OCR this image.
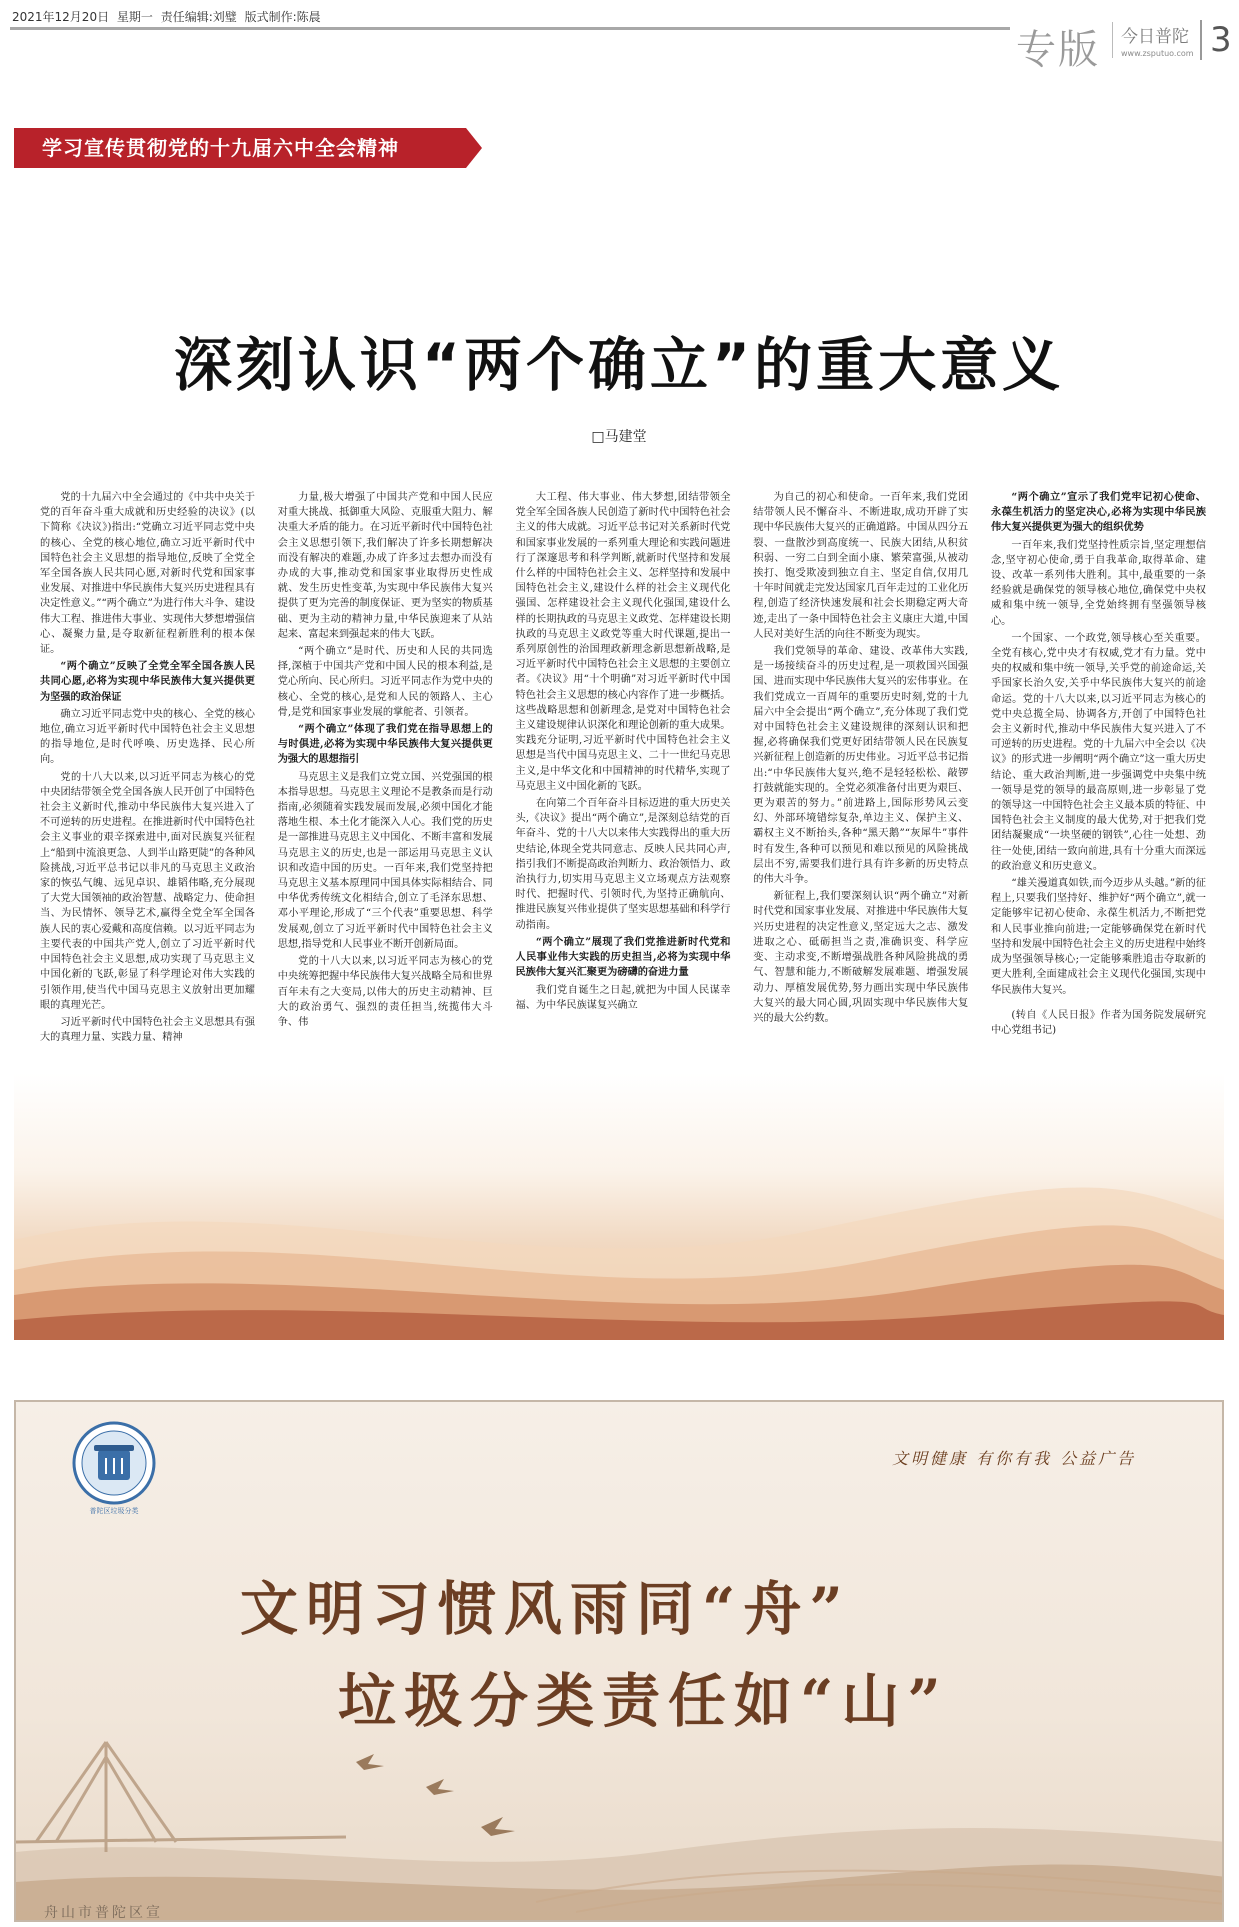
2021年12月20日 星期一 责任编辑:刘璧 版式制作:陈晨
专版 今日普陀
www.zsputuo.com 3
学习宣传贯彻党的十九届六中全会精神
深刻认识“两个确立”的重大意义
□马建堂

党的十九届六中全会通过的《中共中央关于党的百年奋斗重大成就和历史经验的决议》(以下简称《决议》)指出:“党确立习近平同志党中央的核心、全党的核心地位,确立习近平新时代中国特色社会主义思想的指导地位,反映了全党全军全国各族人民共同心愿,对新时代党和国家事业发展、对推进中华民族伟大复兴历史进程具有决定性意义。”“两个确立”为进行伟大斗争、建设伟大工程、推进伟大事业、实现伟大梦想增强信心、凝聚力量,是夺取新征程新胜利的根本保证。

“两个确立”反映了全党全军全国各族人民共同心愿,必将为实现中华民族伟大复兴提供更为坚强的政治保证

确立习近平同志党中央的核心、全党的核心地位,确立习近平新时代中国特色社会主义思想的指导地位,是时代呼唤、历史选择、民心所向。

党的十八大以来,以习近平同志为核心的党中央团结带领全党全国各族人民开创了中国特色社会主义新时代,推动中华民族伟大复兴进入了不可逆转的历史进程。在推进新时代中国特色社会主义事业的艰辛探索进中,面对民族复兴征程上“船到中流浪更急、人到半山路更陡”的各种风险挑战,习近平总书记以非凡的马克思主义政治家的恢弘气魄、远见卓识、雄韬伟略,充分展现了大党大国领袖的政治智慧、战略定力、使命担当、为民情怀、领导艺术,赢得全党全军全国各族人民的衷心爱戴和高度信赖。以习近平同志为主要代表的中国共产党人,创立了习近平新时代中国特色社会主义思想,成功实现了马克思主义中国化新的飞跃,彰显了科学理论对伟大实践的引领作用,使当代中国马克思主义放射出更加耀眼的真理光芒。

习近平新时代中国特色社会主义思想具有强大的真理力量、实践力量、精神

力量,极大增强了中国共产党和中国人民应对重大挑战、抵御重大风险、克服重大阻力、解决重大矛盾的能力。在习近平新时代中国特色社会主义思想引领下,我们解决了许多长期想解决而没有解决的难题,办成了许多过去想办而没有办成的大事,推动党和国家事业取得历史性成就、发生历史性变革,为实现中华民族伟大复兴提供了更为完善的制度保证、更为坚实的物质基础、更为主动的精神力量,中华民族迎来了从站起来、富起来到强起来的伟大飞跃。

“两个确立”是时代、历史和人民的共同选择,深植于中国共产党和中国人民的根本利益,是党心所向、民心所归。习近平同志作为党中央的核心、全党的核心,是党和人民的领路人、主心骨,是党和国家事业发展的掌舵者、引领者。

“两个确立”体现了我们党在指导思想上的与时俱进,必将为实现中华民族伟大复兴提供更为强大的思想指引

马克思主义是我们立党立国、兴党强国的根本指导思想。马克思主义理论不是教条而是行动指南,必须随着实践发展而发展,必须中国化才能落地生根、本土化才能深入人心。我们党的历史是一部推进马克思主义中国化、不断丰富和发展马克思主义的历史,也是一部运用马克思主义认识和改造中国的历史。一百年来,我们党坚持把马克思主义基本原理同中国具体实际相结合、同中华优秀传统文化相结合,创立了毛泽东思想、邓小平理论,形成了“三个代表”重要思想、科学发展观,创立了习近平新时代中国特色社会主义思想,指导党和人民事业不断开创新局面。

党的十八大以来,以习近平同志为核心的党中央统筹把握中华民族伟大复兴战略全局和世界百年未有之大变局,以伟大的历史主动精神、巨大的政治勇气、强烈的责任担当,统揽伟大斗争、伟

大工程、伟大事业、伟大梦想,团结带领全党全军全国各族人民创造了新时代中国特色社会主义的伟大成就。习近平总书记对关系新时代党和国家事业发展的一系列重大理论和实践问题进行了深邃思考和科学判断,就新时代坚持和发展什么样的中国特色社会主义、怎样坚持和发展中国特色社会主义,建设什么样的社会主义现代化强国、怎样建设社会主义现代化强国,建设什么样的长期执政的马克思主义政党、怎样建设长期执政的马克思主义政党等重大时代课题,提出一系列原创性的治国理政新理念新思想新战略,是习近平新时代中国特色社会主义思想的主要创立者。《决议》用“十个明确”对习近平新时代中国特色社会主义思想的核心内容作了进一步概括。这些战略思想和创新理念,是党对中国特色社会主义建设规律认识深化和理论创新的重大成果。实践充分证明,习近平新时代中国特色社会主义思想是当代中国马克思主义、二十一世纪马克思主义,是中华文化和中国精神的时代精华,实现了马克思主义中国化新的飞跃。

在向第二个百年奋斗目标迈进的重大历史关头,《决议》提出“两个确立”,是深刻总结党的百年奋斗、党的十八大以来伟大实践得出的重大历史结论,体现全党共同意志、反映人民共同心声,指引我们不断提高政治判断力、政治领悟力、政治执行力,切实用马克思主义立场观点方法观察时代、把握时代、引领时代,为坚持正确航向、推进民族复兴伟业提供了坚实思想基础和科学行动指南。

“两个确立”展现了我们党推进新时代党和人民事业伟大实践的历史担当,必将为实现中华民族伟大复兴汇聚更为磅礴的奋进力量

我们党自诞生之日起,就把为中国人民谋幸福、为中华民族谋复兴确立

为自己的初心和使命。一百年来,我们党团结带领人民不懈奋斗、不断进取,成功开辟了实现中华民族伟大复兴的正确道路。中国从四分五裂、一盘散沙到高度统一、民族大团结,从积贫积弱、一穷二白到全面小康、繁荣富强,从被动挨打、饱受欺凌到独立自主、坚定自信,仅用几十年时间就走完发达国家几百年走过的工业化历程,创造了经济快速发展和社会长期稳定两大奇迹,走出了一条中国特色社会主义康庄大道,中国人民对美好生活的向往不断变为现实。

我们党领导的革命、建设、改革伟大实践,是一场接续奋斗的历史过程,是一项救国兴国强国、进而实现中华民族伟大复兴的宏伟事业。在我们党成立一百周年的重要历史时刻,党的十九届六中全会提出“两个确立”,充分体现了我们党对中国特色社会主义建设规律的深刻认识和把握,必将确保我们党更好团结带领人民在民族复兴新征程上创造新的历史伟业。习近平总书记指出:“中华民族伟大复兴,绝不是轻轻松松、敲锣打鼓就能实现的。全党必须准备付出更为艰巨、更为艰苦的努力。”前进路上,国际形势风云变幻、外部环境错综复杂,单边主义、保护主义、霸权主义不断抬头,各种“黑天鹅”“灰犀牛”事件时有发生,各种可以预见和难以预见的风险挑战层出不穷,需要我们进行具有许多新的历史特点的伟大斗争。

新征程上,我们要深刻认识“两个确立”对新时代党和国家事业发展、对推进中华民族伟大复兴历史进程的决定性意义,坚定远大之志、激发进取之心、砥砺担当之责,准确识变、科学应变、主动求变,不断增强战胜各种风险挑战的勇气、智慧和能力,不断破解发展难题、增强发展动力、厚植发展优势,努力画出实现中华民族伟大复兴的最大同心圆,巩固实现中华民族伟大复兴的最大公约数。

“两个确立”宣示了我们党牢记初心使命、永葆生机活力的坚定决心,必将为实现中华民族伟大复兴提供更为强大的组织优势

一百年来,我们党坚持性质宗旨,坚定理想信念,坚守初心使命,勇于自我革命,取得革命、建设、改革一系列伟大胜利。其中,最重要的一条经验就是确保党的领导核心地位,确保党中央权威和集中统一领导,全党始终拥有坚强领导核心。

一个国家、一个政党,领导核心至关重要。全党有核心,党中央才有权威,党才有力量。党中央的权威和集中统一领导,关乎党的前途命运,关乎国家长治久安,关乎中华民族伟大复兴的前途命运。党的十八大以来,以习近平同志为核心的党中央总揽全局、协调各方,开创了中国特色社会主义新时代,推动中华民族伟大复兴进入了不可逆转的历史进程。党的十九届六中全会以《决议》的形式进一步阐明“两个确立”这一重大历史结论、重大政治判断,进一步强调党中央集中统一领导是党的领导的最高原则,进一步彰显了党的领导这一中国特色社会主义最本质的特征、中国特色社会主义制度的最大优势,对于把我们党团结凝聚成“一块坚硬的钢铁”,心往一处想、劲往一处使,团结一致向前进,具有十分重大而深远的政治意义和历史意义。

“雄关漫道真如铁,而今迈步从头越。”新的征程上,只要我们坚持好、维护好“两个确立”,就一定能够牢记初心使命、永葆生机活力,不断把党和人民事业推向前进;一定能够确保党在新时代坚持和发展中国特色社会主义的历史进程中始终成为坚强领导核心;一定能够乘胜追击夺取新的更大胜利,全面建成社会主义现代化强国,实现中华民族伟大复兴。

(转自《人民日报》作者为国务院发展研究中心党组书记)

普陀区垃圾分类
文明健康 有你有我 公益广告
文明习惯风雨同“舟”
垃圾分类责任如“山”
舟山市普陀区宣
